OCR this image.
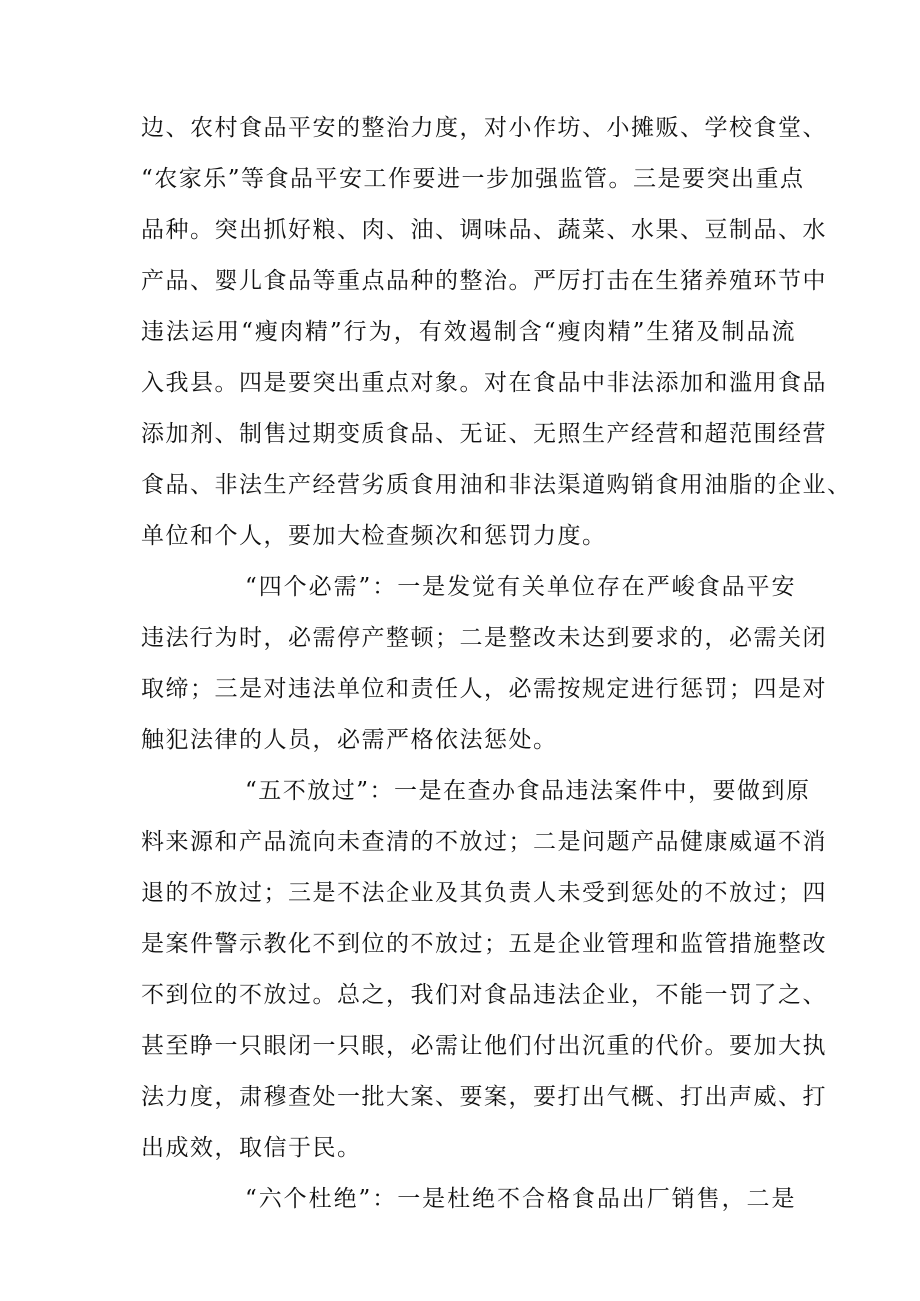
边、农村食品平安的整治力度，对小作坊、小摊贩、学校食堂、
“农家乐”等食品平安工作要进一步加强监管。三是要突出重点
品种。突出抓好粮、肉、油、调味品、蔬菜、水果、豆制品、水
产品、婴儿食品等重点品种的整治。严厉打击在生猪养殖环节中
违法运用“瘦肉精”行为，有效遏制含“瘦肉精”生猪及制品流
入我县。四是要突出重点对象。对在食品中非法添加和滥用食品
添加剂、制售过期变质食品、无证、无照生产经营和超范围经营
食品、非法生产经营劣质食用油和非法渠道购销食用油脂的企业、
单位和个人，要加大检查频次和惩罚力度。
“四个必需”：一是发觉有关单位存在严峻食品平安
违法行为时，必需停产整顿；二是整改未达到要求的，必需关闭
取缔；三是对违法单位和责任人，必需按规定进行惩罚；四是对
触犯法律的人员，必需严格依法惩处。
“五不放过”：一是在查办食品违法案件中，要做到原
料来源和产品流向未查清的不放过；二是问题产品健康威逼不消
退的不放过；三是不法企业及其负责人未受到惩处的不放过；四
是案件警示教化不到位的不放过；五是企业管理和监管措施整改
不到位的不放过。总之，我们对食品违法企业，不能一罚了之、
甚至睁一只眼闭一只眼，必需让他们付出沉重的代价。要加大执
法力度，肃穆查处一批大案、要案，要打出气概、打出声威、打
出成效，取信于民。
“六个杜绝”：一是杜绝不合格食品出厂销售，二是
